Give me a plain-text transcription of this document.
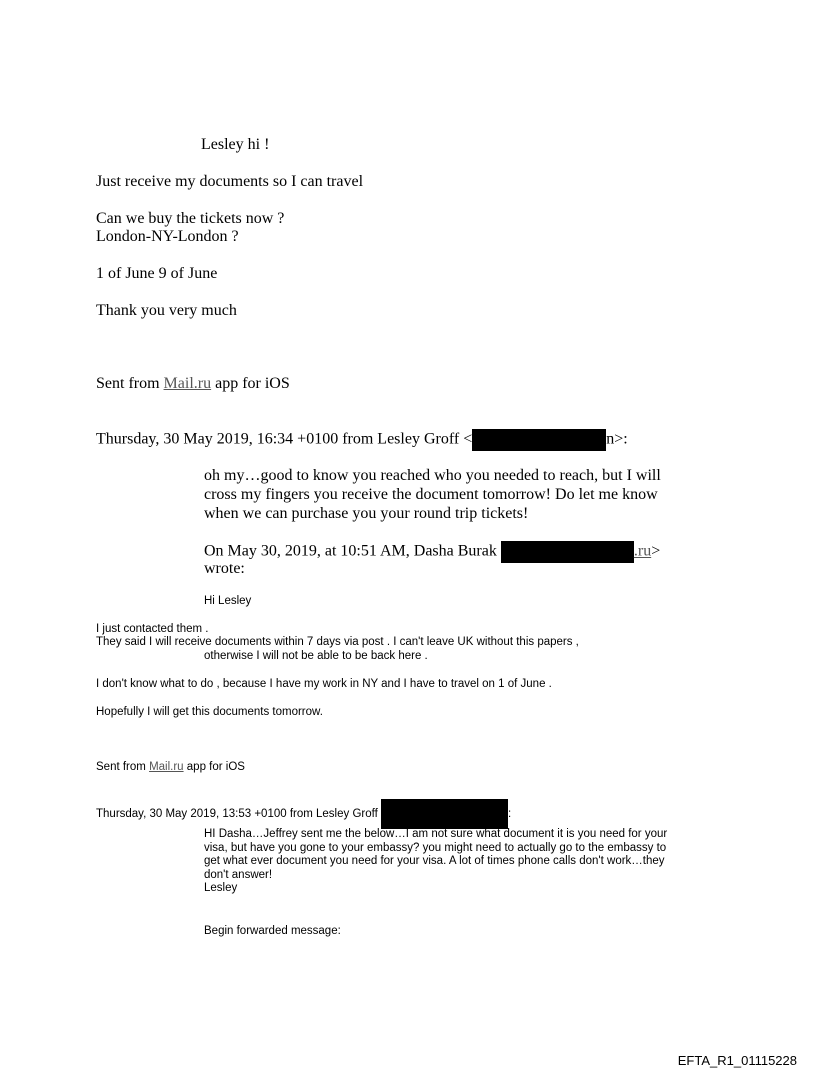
Lesley hi !
Just receive my documents so I can travel
Can we buy the tickets now ?
London-NY-London ?
1 of June 9 of June
Thank you very much
Sent from Mail.ru app for iOS
Thursday, 30 May 2019, 16:34 +0100 from Lesley Groff <	n>:
oh my…good to know you reached who you needed to reach, but I will cross my fingers you receive the document tomorrow! Do let me know when we can purchase you your round trip tickets!
On May 30, 2019, at 10:51 AM, Dasha Burak	.ru>
wrote:
Hi Lesley
I just contacted them .
They said I will receive documents within 7 days via post . I can't leave UK without this papers ,
otherwise I will not be able to be back here .
I don't know what to do , because I have my work in NY and I have to travel on 1 of June .
Hopefully I will get this documents tomorrow.
Sent from Mail.ru app for iOS
Thursday, 30 May 2019, 13:53 +0100 from Lesley Groff	:
HI Dasha…Jeffrey sent me the below…I am not sure what document it is you need for your visa, but have you gone to your embassy? you might need to actually go to the embassy to get what ever document you need for your visa. A lot of times phone calls don't work…they don't answer!
Lesley
Begin forwarded message:
EFTA_R1_01115228
